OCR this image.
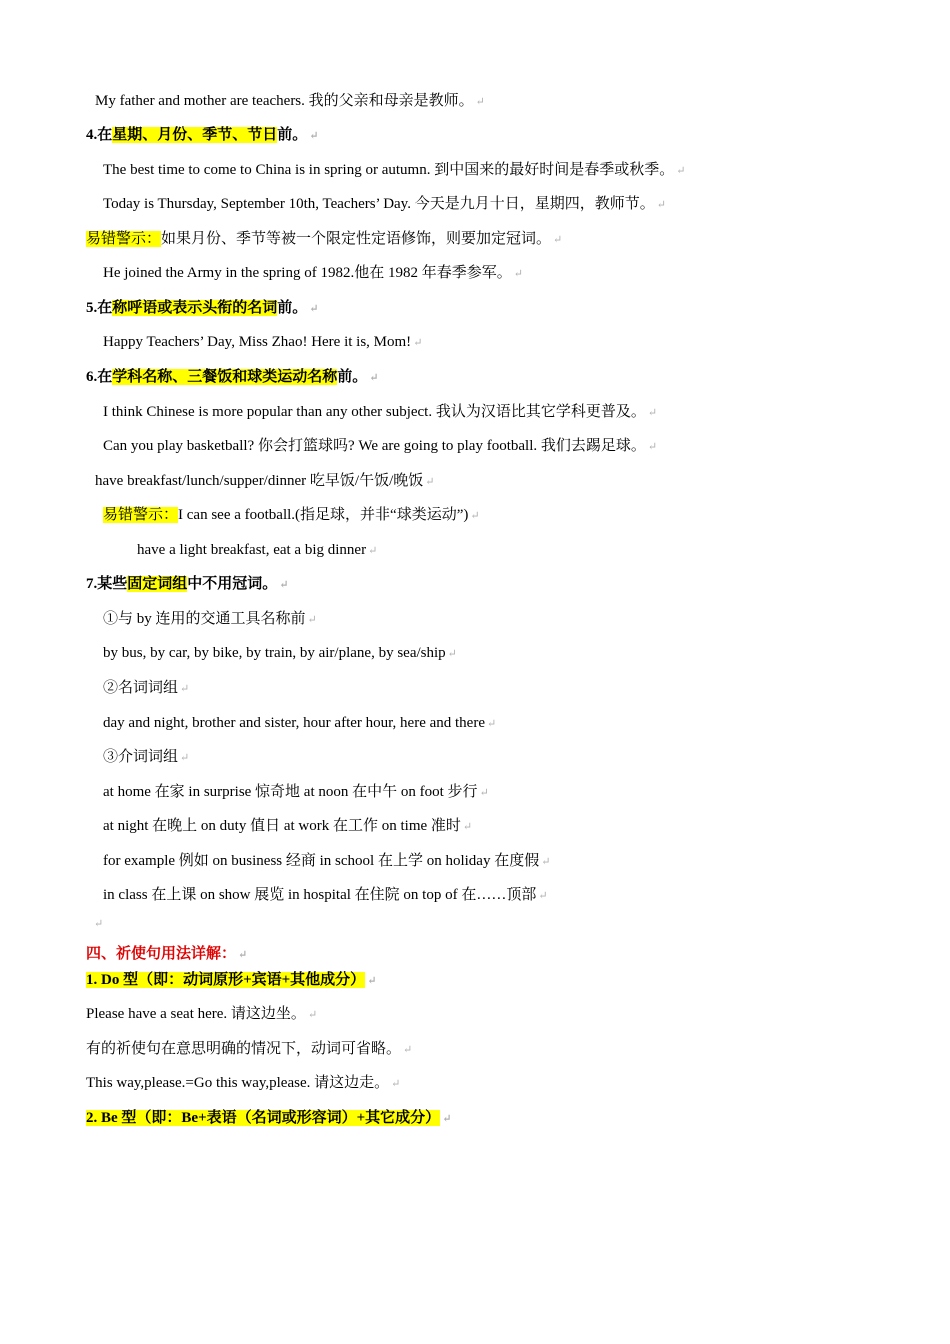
My father and mother are teachers. 我的父亲和母亲是教师。 ↵
4.在星期、月份、季节、节日前。 ↵
The best time to come to China is in spring or autumn. 到中国来的最好时间是春季或秋季。 ↵
Today is Thursday, September 10th, Teachers’ Day. 今天是九月十日，星期四，教师节。 ↵
易错警示：如果月份、季节等被一个限定性定语修饰，则要加定冠词。 ↵
He joined the Army in the spring of 1982.他在 1982 年春季参军。 ↵
5.在称呼语或表示头衔的名词前。 ↵
Happy Teachers’ Day, Miss Zhao! Here it is, Mom! ↵
6.在学科名称、三餐饭和球类运动名称前。 ↵
I think Chinese is more popular than any other subject. 我认为汉语比其它学科更普及。 ↵
Can you play basketball? 你会打篮球吗? We are going to play football. 我们去踢足球。 ↵
have breakfast/lunch/supper/dinner 吃早饭/午饭/晚饭 ↵
易错警示：I can see a football.(指足球，并非“球类运动”) ↵
have a light breakfast, eat a big dinner ↵
7.某些固定词组中不用冠词。 ↵
①与 by 连用的交通工具名称前 ↵
by bus, by car, by bike, by train, by air/plane, by sea/ship ↵
②名词词组 ↵
day and night, brother and sister, hour after hour, here and there ↵
③介词词组 ↵
at home 在家 in surprise 惊奇地 at noon 在中午 on foot 步行 ↵
at night 在晚上 on duty 值日 at work 在工作 on time 准时 ↵
for example 例如 on business 经商 in school 在上学 on holiday 在度假 ↵
in class 在上课 on show 展览 in hospital 在住院 on top of 在……顶部 ↵
↵
四、祈使句用法详解： ↵
1. Do 型（即：动词原形+宾语+其他成分） ↵
Please have a seat here. 请这边坐。 ↵
有的祈使句在意思明确的情况下，动词可省略。 ↵
This way,please.=Go this way,please. 请这边走。 ↵
2. Be 型（即：Be+表语（名词或形容词）+其它成分） ↵
